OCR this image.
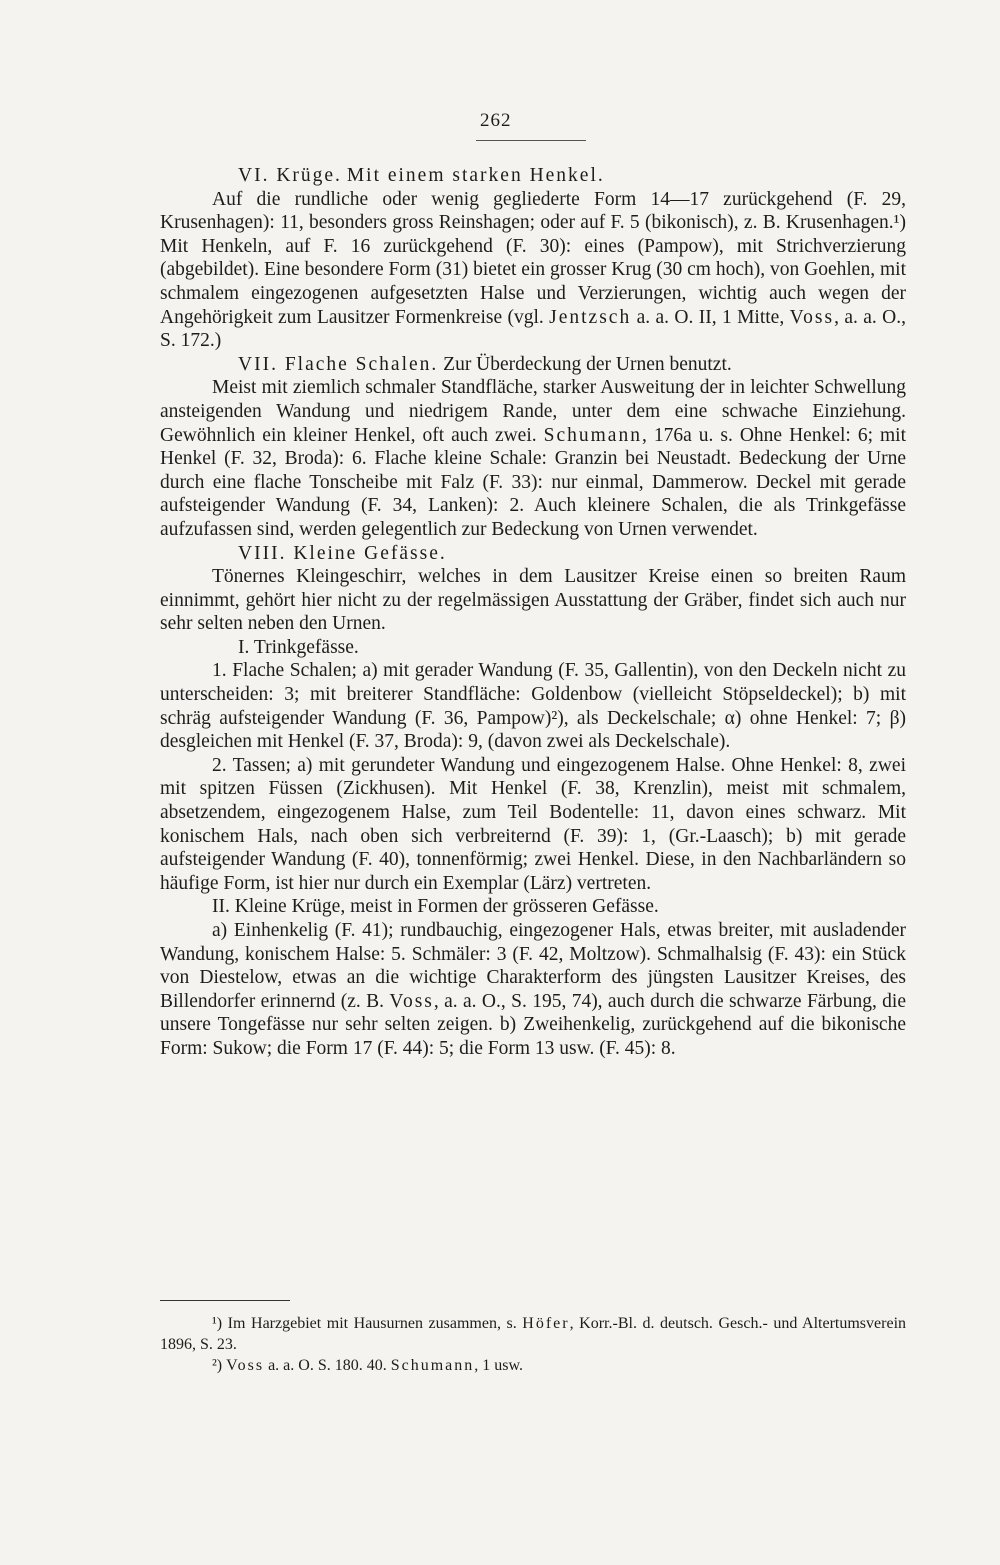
262

VI. Krüge. Mit einem starken Henkel.

Auf die rundliche oder wenig gegliederte Form 14—17 zurückgehend (F. 29, Krusenhagen): 11, besonders gross Reinshagen; oder auf F. 5 (bikonisch), z. B. Krusenhagen.¹) Mit Henkeln, auf F. 16 zurückgehend (F. 30): eines (Pampow), mit Strichverzierung (abgebildet). Eine besondere Form (31) bietet ein grosser Krug (30 cm hoch), von Goehlen, mit schmalem eingezogenen aufgesetzten Halse und Verzierungen, wichtig auch wegen der Angehörigkeit zum Lausitzer Formenkreise (vgl. Jentzsch a. a. O. II, 1 Mitte, Voss, a. a. O., S. 172.)

VII. Flache Schalen. Zur Überdeckung der Urnen benutzt.

Meist mit ziemlich schmaler Standfläche, starker Ausweitung der in leichter Schwellung ansteigenden Wandung und niedrigem Rande, unter dem eine schwache Einziehung. Gewöhnlich ein kleiner Henkel, oft auch zwei. Schumann, 176a u. s. Ohne Henkel: 6; mit Henkel (F. 32, Broda): 6. Flache kleine Schale: Granzin bei Neustadt. Bedeckung der Urne durch eine flache Tonscheibe mit Falz (F. 33): nur einmal, Dammerow. Deckel mit gerade aufsteigender Wandung (F. 34, Lanken): 2. Auch kleinere Schalen, die als Trinkgefässe aufzufassen sind, werden gelegentlich zur Bedeckung von Urnen verwendet.

VIII. Kleine Gefässe.

Tönernes Kleingeschirr, welches in dem Lausitzer Kreise einen so breiten Raum einnimmt, gehört hier nicht zu der regelmässigen Ausstattung der Gräber, findet sich auch nur sehr selten neben den Urnen.

I. Trinkgefässe.

1. Flache Schalen; a) mit gerader Wandung (F. 35, Gallentin), von den Deckeln nicht zu unterscheiden: 3; mit breiterer Standfläche: Goldenbow (vielleicht Stöpseldeckel); b) mit schräg aufsteigender Wandung (F. 36, Pampow)²), als Deckelschale; α) ohne Henkel: 7; β) desgleichen mit Henkel (F. 37, Broda): 9, (davon zwei als Deckelschale).

2. Tassen; a) mit gerundeter Wandung und eingezogenem Halse. Ohne Henkel: 8, zwei mit spitzen Füssen (Zickhusen). Mit Henkel (F. 38, Krenzlin), meist mit schmalem, absetzendem, eingezogenem Halse, zum Teil Bodentelle: 11, davon eines schwarz. Mit konischem Hals, nach oben sich verbreiternd (F. 39): 1, (Gr.-Laasch); b) mit gerade aufsteigender Wandung (F. 40), tonnenförmig; zwei Henkel. Diese, in den Nachbarländern so häufige Form, ist hier nur durch ein Exemplar (Lärz) vertreten.

II. Kleine Krüge, meist in Formen der grösseren Gefässe.

a) Einhenkelig (F. 41); rundbauchig, eingezogener Hals, etwas breiter, mit ausladender Wandung, konischem Halse: 5. Schmäler: 3 (F. 42, Moltzow). Schmalhalsig (F. 43): ein Stück von Diestelow, etwas an die wichtige Charakterform des jüngsten Lausitzer Kreises, des Billendorfer erinnernd (z. B. Voss, a. a. O., S. 195, 74), auch durch die schwarze Färbung, die unsere Tongefässe nur sehr selten zeigen. b) Zweihenkelig, zurückgehend auf die bikonische Form: Sukow; die Form 17 (F. 44): 5; die Form 13 usw. (F. 45): 8.

¹) Im Harzgebiet mit Hausurnen zusammen, s. Höfer, Korr.-Bl. d. deutsch. Gesch.- und Altertumsverein 1896, S. 23.

²) Voss a. a. O. S. 180. 40. Schumann, 1 usw.
